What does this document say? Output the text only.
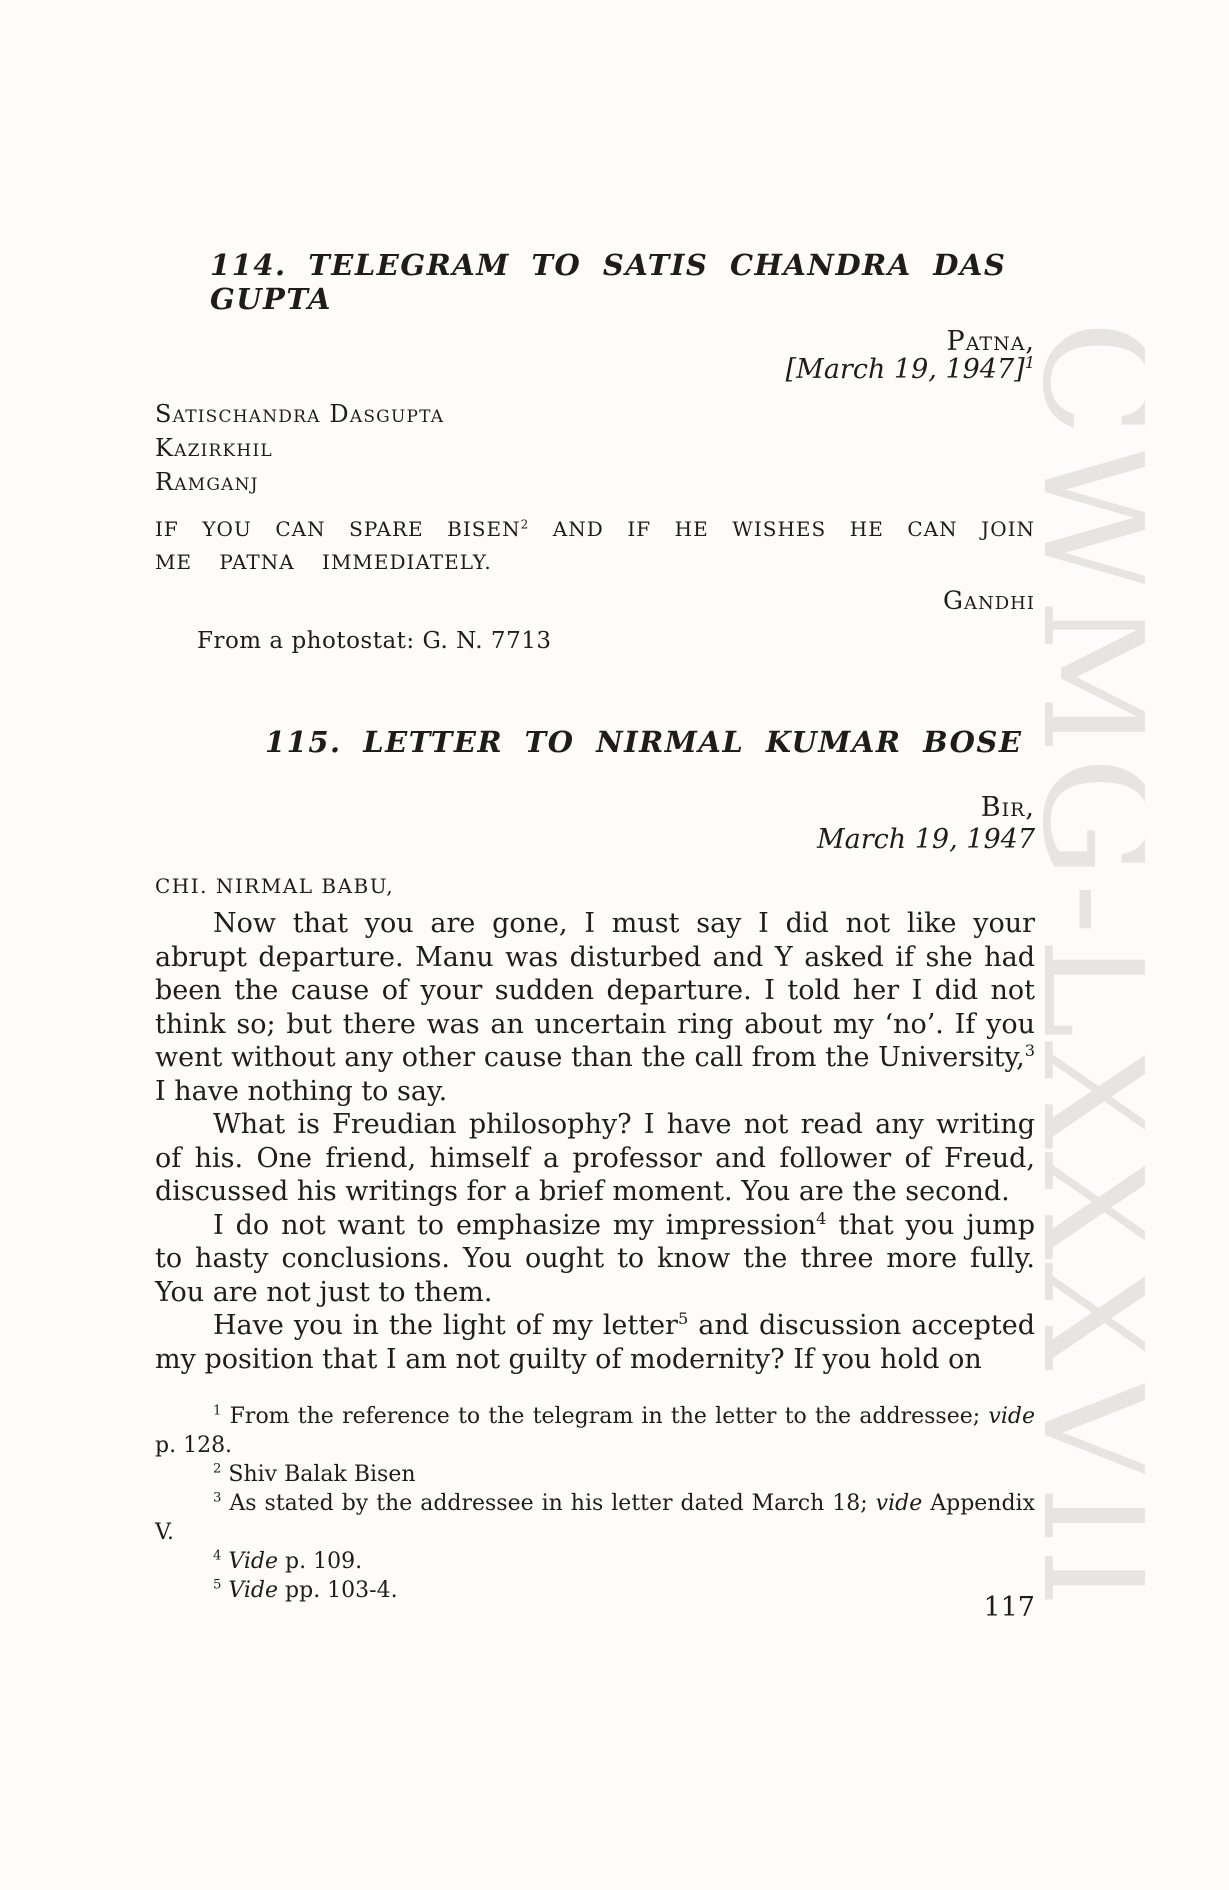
CWMG-LXXXVII
114. TELEGRAM TO SATIS CHANDRA DAS GUPTA
Patna,
[March 19, 1947]$^1$
Satischandra Dasgupta
Kazirkhil
Ramganj
IF YOU CAN SPARE BISEN$^2$ AND IF HE WISHES HE CAN JOIN
ME PATNA IMMEDIATELY.
Gandhi
From a photostat: G. N. 7713
115. LETTER TO NIRMAL KUMAR BOSE
Bir,
March 19, 1947
CHI. NIRMAL BABU,

Now that you are gone, I must say I did not like your abrupt departure. Manu was disturbed and Y asked if she had been the cause of your sudden departure. I told her I did not think so; but there was an uncertain ring about my ‘no’. If you went without any other cause than the call from the University,$^3$ I have nothing to say.

What is Freudian philosophy? I have not read any writing of his. One friend, himself a professor and follower of Freud, discussed his writings for a brief moment. You are the second.

I do not want to emphasize my impression$^4$ that you jump to hasty conclusions. You ought to know the three more fully. You are not just to them.

Have you in the light of my letter$^5$ and discussion accepted my position that I am not guilty of modernity? If you hold on

$^1$ From the reference to the telegram in the letter to the addressee; vide p. 128.

$^2$ Shiv Balak Bisen

$^3$ As stated by the addressee in his letter dated March 18; vide Appendix V.

$^4$ Vide p. 109.

$^5$ Vide pp. 103-4.

117
